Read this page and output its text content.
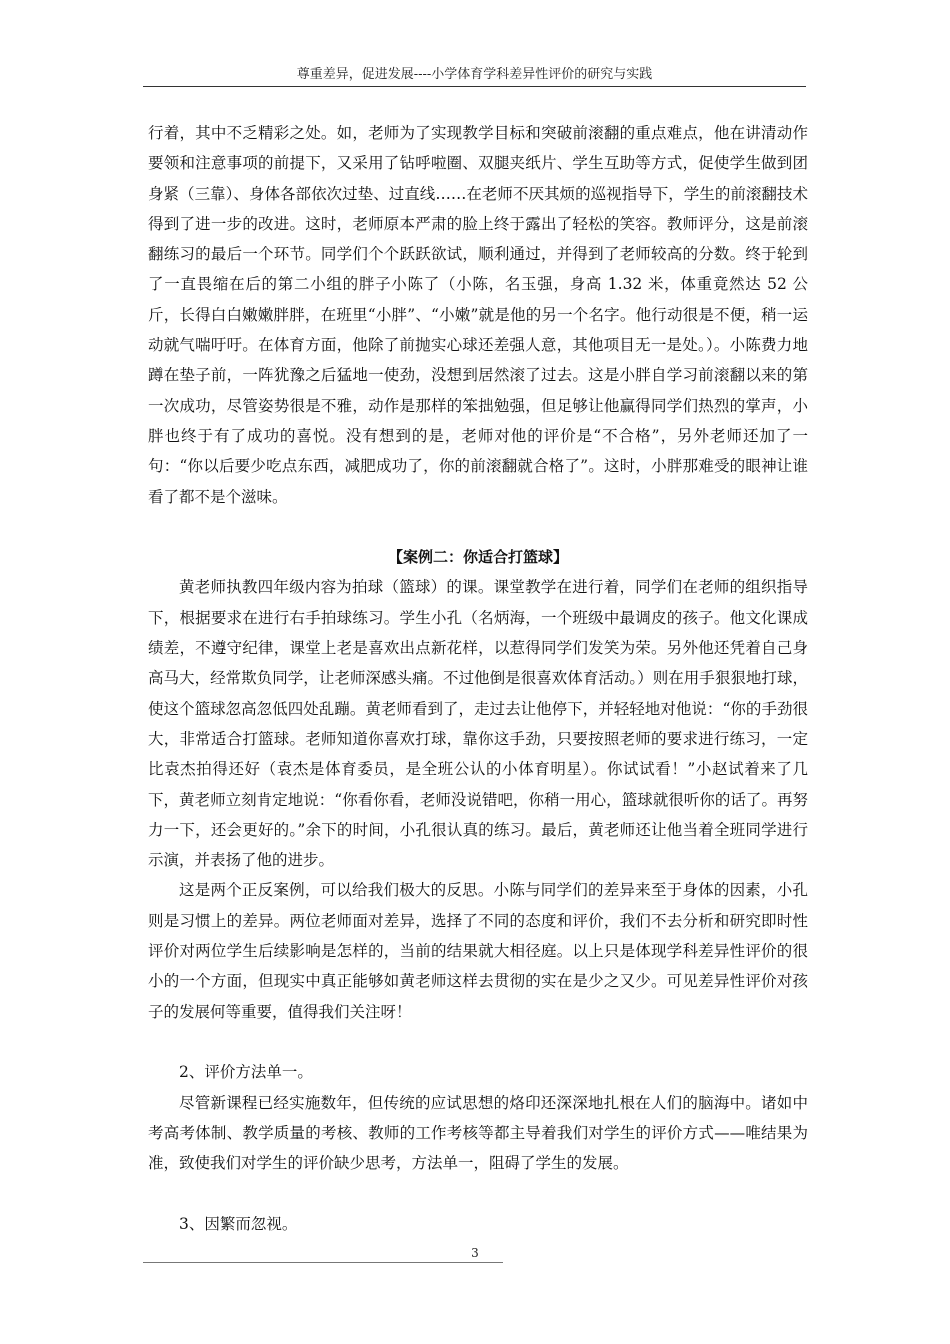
尊重差异，促进发展----小学体育学科差异性评价的研究与实践

行着，其中不乏精彩之处。如，老师为了实现教学目标和突破前滚翻的重点难点，他在讲清动作要领和注意事项的前提下，又采用了钻呼啦圈、双腿夹纸片、学生互助等方式，促使学生做到团身紧（三靠）、身体各部依次过垫、过直线……在老师不厌其烦的巡视指导下，学生的前滚翻技术得到了进一步的改进。这时，老师原本严肃的脸上终于露出了轻松的笑容。教师评分，这是前滚翻练习的最后一个环节。同学们个个跃跃欲试，顺利通过，并得到了老师较高的分数。终于轮到了一直畏缩在后的第二小组的胖子小陈了（小陈，名玉强，身高 1.32 米，体重竟然达 52 公斤，长得白白嫩嫩胖胖，在班里“小胖”、“小嫩”就是他的另一个名字。他行动很是不便，稍一运动就气喘吁吁。在体育方面，他除了前抛实心球还差强人意，其他项目无一是处。）。小陈费力地蹲在垫子前，一阵犹豫之后猛地一使劲，没想到居然滚了过去。这是小胖自学习前滚翻以来的第一次成功，尽管姿势很是不雅，动作是那样的笨拙勉强，但足够让他赢得同学们热烈的掌声，小胖也终于有了成功的喜悦。没有想到的是，老师对他的评价是“不合格”，另外老师还加了一句：“你以后要少吃点东西，减肥成功了，你的前滚翻就合格了”。这时，小胖那难受的眼神让谁看了都不是个滋味。

【案例二：你适合打篮球】

黄老师执教四年级内容为拍球（篮球）的课。课堂教学在进行着，同学们在老师的组织指导下，根据要求在进行右手拍球练习。学生小孔（名炳海，一个班级中最调皮的孩子。他文化课成绩差，不遵守纪律，课堂上老是喜欢出点新花样，以惹得同学们发笑为荣。另外他还凭着自己身高马大，经常欺负同学，让老师深感头痛。不过他倒是很喜欢体育活动。）则在用手狠狠地打球，使这个篮球忽高忽低四处乱蹦。黄老师看到了，走过去让他停下，并轻轻地对他说：“你的手劲很大，非常适合打篮球。老师知道你喜欢打球，靠你这手劲，只要按照老师的要求进行练习，一定比袁杰拍得还好（袁杰是体育委员，是全班公认的小体育明星）。你试试看！”小赵试着来了几下，黄老师立刻肯定地说：“你看你看，老师没说错吧，你稍一用心，篮球就很听你的话了。再努力一下，还会更好的。”余下的时间，小孔很认真的练习。最后，黄老师还让他当着全班同学进行示演，并表扬了他的进步。

这是两个正反案例，可以给我们极大的反思。小陈与同学们的差异来至于身体的因素，小孔则是习惯上的差异。两位老师面对差异，选择了不同的态度和评价，我们不去分析和研究即时性评价对两位学生后续影响是怎样的，当前的结果就大相径庭。以上只是体现学科差异性评价的很小的一个方面，但现实中真正能够如黄老师这样去贯彻的实在是少之又少。可见差异性评价对孩子的发展何等重要，值得我们关注呀！

2、评价方法单一。

尽管新课程已经实施数年，但传统的应试思想的烙印还深深地扎根在人们的脑海中。诸如中考高考体制、教学质量的考核、教师的工作考核等都主导着我们对学生的评价方式——唯结果为准，致使我们对学生的评价缺少思考，方法单一，阻碍了学生的发展。

3、因繁而忽视。

3
